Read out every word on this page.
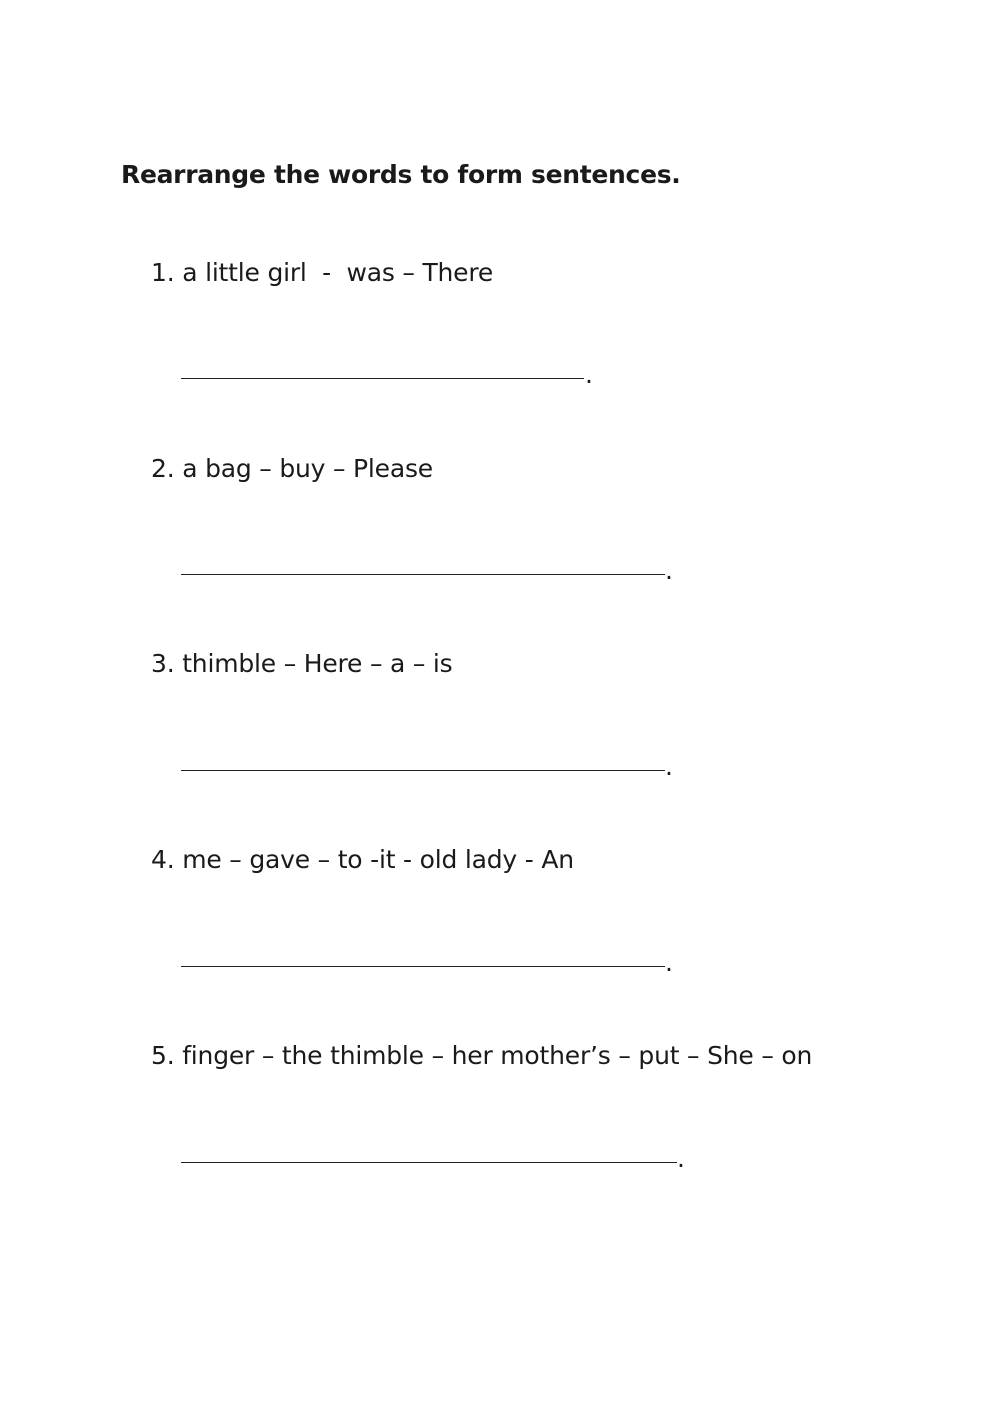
Rearrange the words to form sentences.
1. a little girl  -  was – There
.
2. a bag – buy – Please
.
3. thimble – Here – a – is
.
4. me – gave – to -it - old lady - An
.
5. finger – the thimble – her mother’s – put – She – on
.
